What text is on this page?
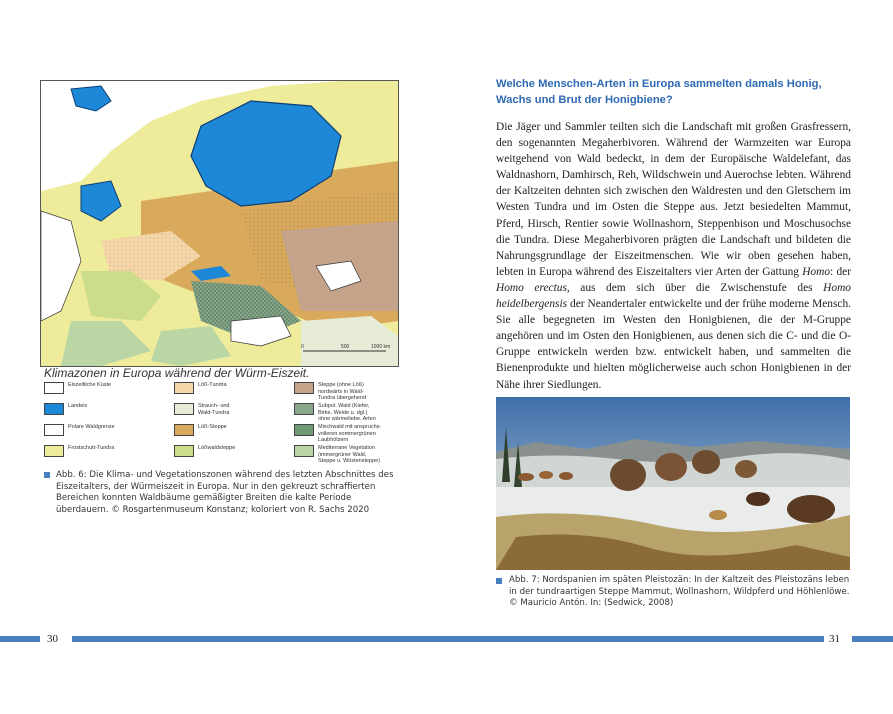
0	500	1000 km
Klimazonen in Europa während der Würm-Eiszeit.
Eiszeitliche Küste
Landeis
Polare Waldgrenze
Frostschutt-Tundra
Löß-Tundra
Strauch- und
Wald-Tundra
Löß-Steppe
Lößwaldsteppe
Steppe (ohne Löß)
nordwärts in Wald-
Tundra übergehend
Subpol. Wald (Kiefer,
Birke, Weide u. dgl.)
ohne wärmeliebe. Arten
Mischwald mit anspruchs-
volleren sommergrünen
Laubhölzern
Mediterrane Vegetation
(immergrüner Wald,
Steppe u. Wüstensteppe)
Abb. 6: Die Klima- und Vegetationszonen während des letzten Abschnittes des Eiszeitalters, der Würmeiszeit in Europa. Nur in den gekreuzt schraffierten Bereichen konnten Waldbäume gemäßigter Breiten die kalte Periode überdauern. © Rosgartenmuseum Konstanz; koloriert von R. Sachs 2020
Welche Menschen-Arten in Europa sammelten damals Honig, Wachs und Brut der Honigbiene?

Die Jäger und Sammler teilten sich die Landschaft mit großen Grasfressern, den sogenannten Megaherbivoren. Während der Warmzeiten war Europa weitgehend von Wald bedeckt, in dem der Europäische Waldelefant, das Waldnashorn, Damhirsch, Reh, Wildschwein und Auerochse lebten. Während der Kaltzeiten dehnten sich zwischen den Waldresten und den Gletschern im Westen Tundra und im Osten die Steppe aus. Jetzt besiedelten Mammut, Pferd, Hirsch, Rentier sowie Wollnashorn, Steppenbison und Moschusochse die Tundra. Diese Megaherbivoren prägten die Landschaft und bildeten die Nahrungsgrundlage der Eiszeitmenschen. Wie wir oben gesehen haben, lebten in Europa während des Eiszeitalters vier Arten der Gattung Homo: der Homo erectus, aus dem sich über die Zwischenstufe des Homo heidelbergensis der Neandertaler entwickelte und der frühe moderne Mensch. Sie alle begegneten im Westen den Honigbienen, die der M-Gruppe angehören und im Osten den Honigbienen, aus denen sich die C- und die O-Gruppe entwickeln werden bzw. entwickelt haben, und sammelten die Bienenprodukte und hielten möglicherweise auch schon Honigbienen in der Nähe ihrer Siedlungen.

Abb. 7: Nordspanien im späten Pleistozän: In der Kaltzeit des Pleistozäns leben in der tundraartigen Steppe Mammut, Wollnashorn, Wildpferd und Höhlenlöwe. © Mauricio Antón. In: (Sedwick, 2008)
30	31
